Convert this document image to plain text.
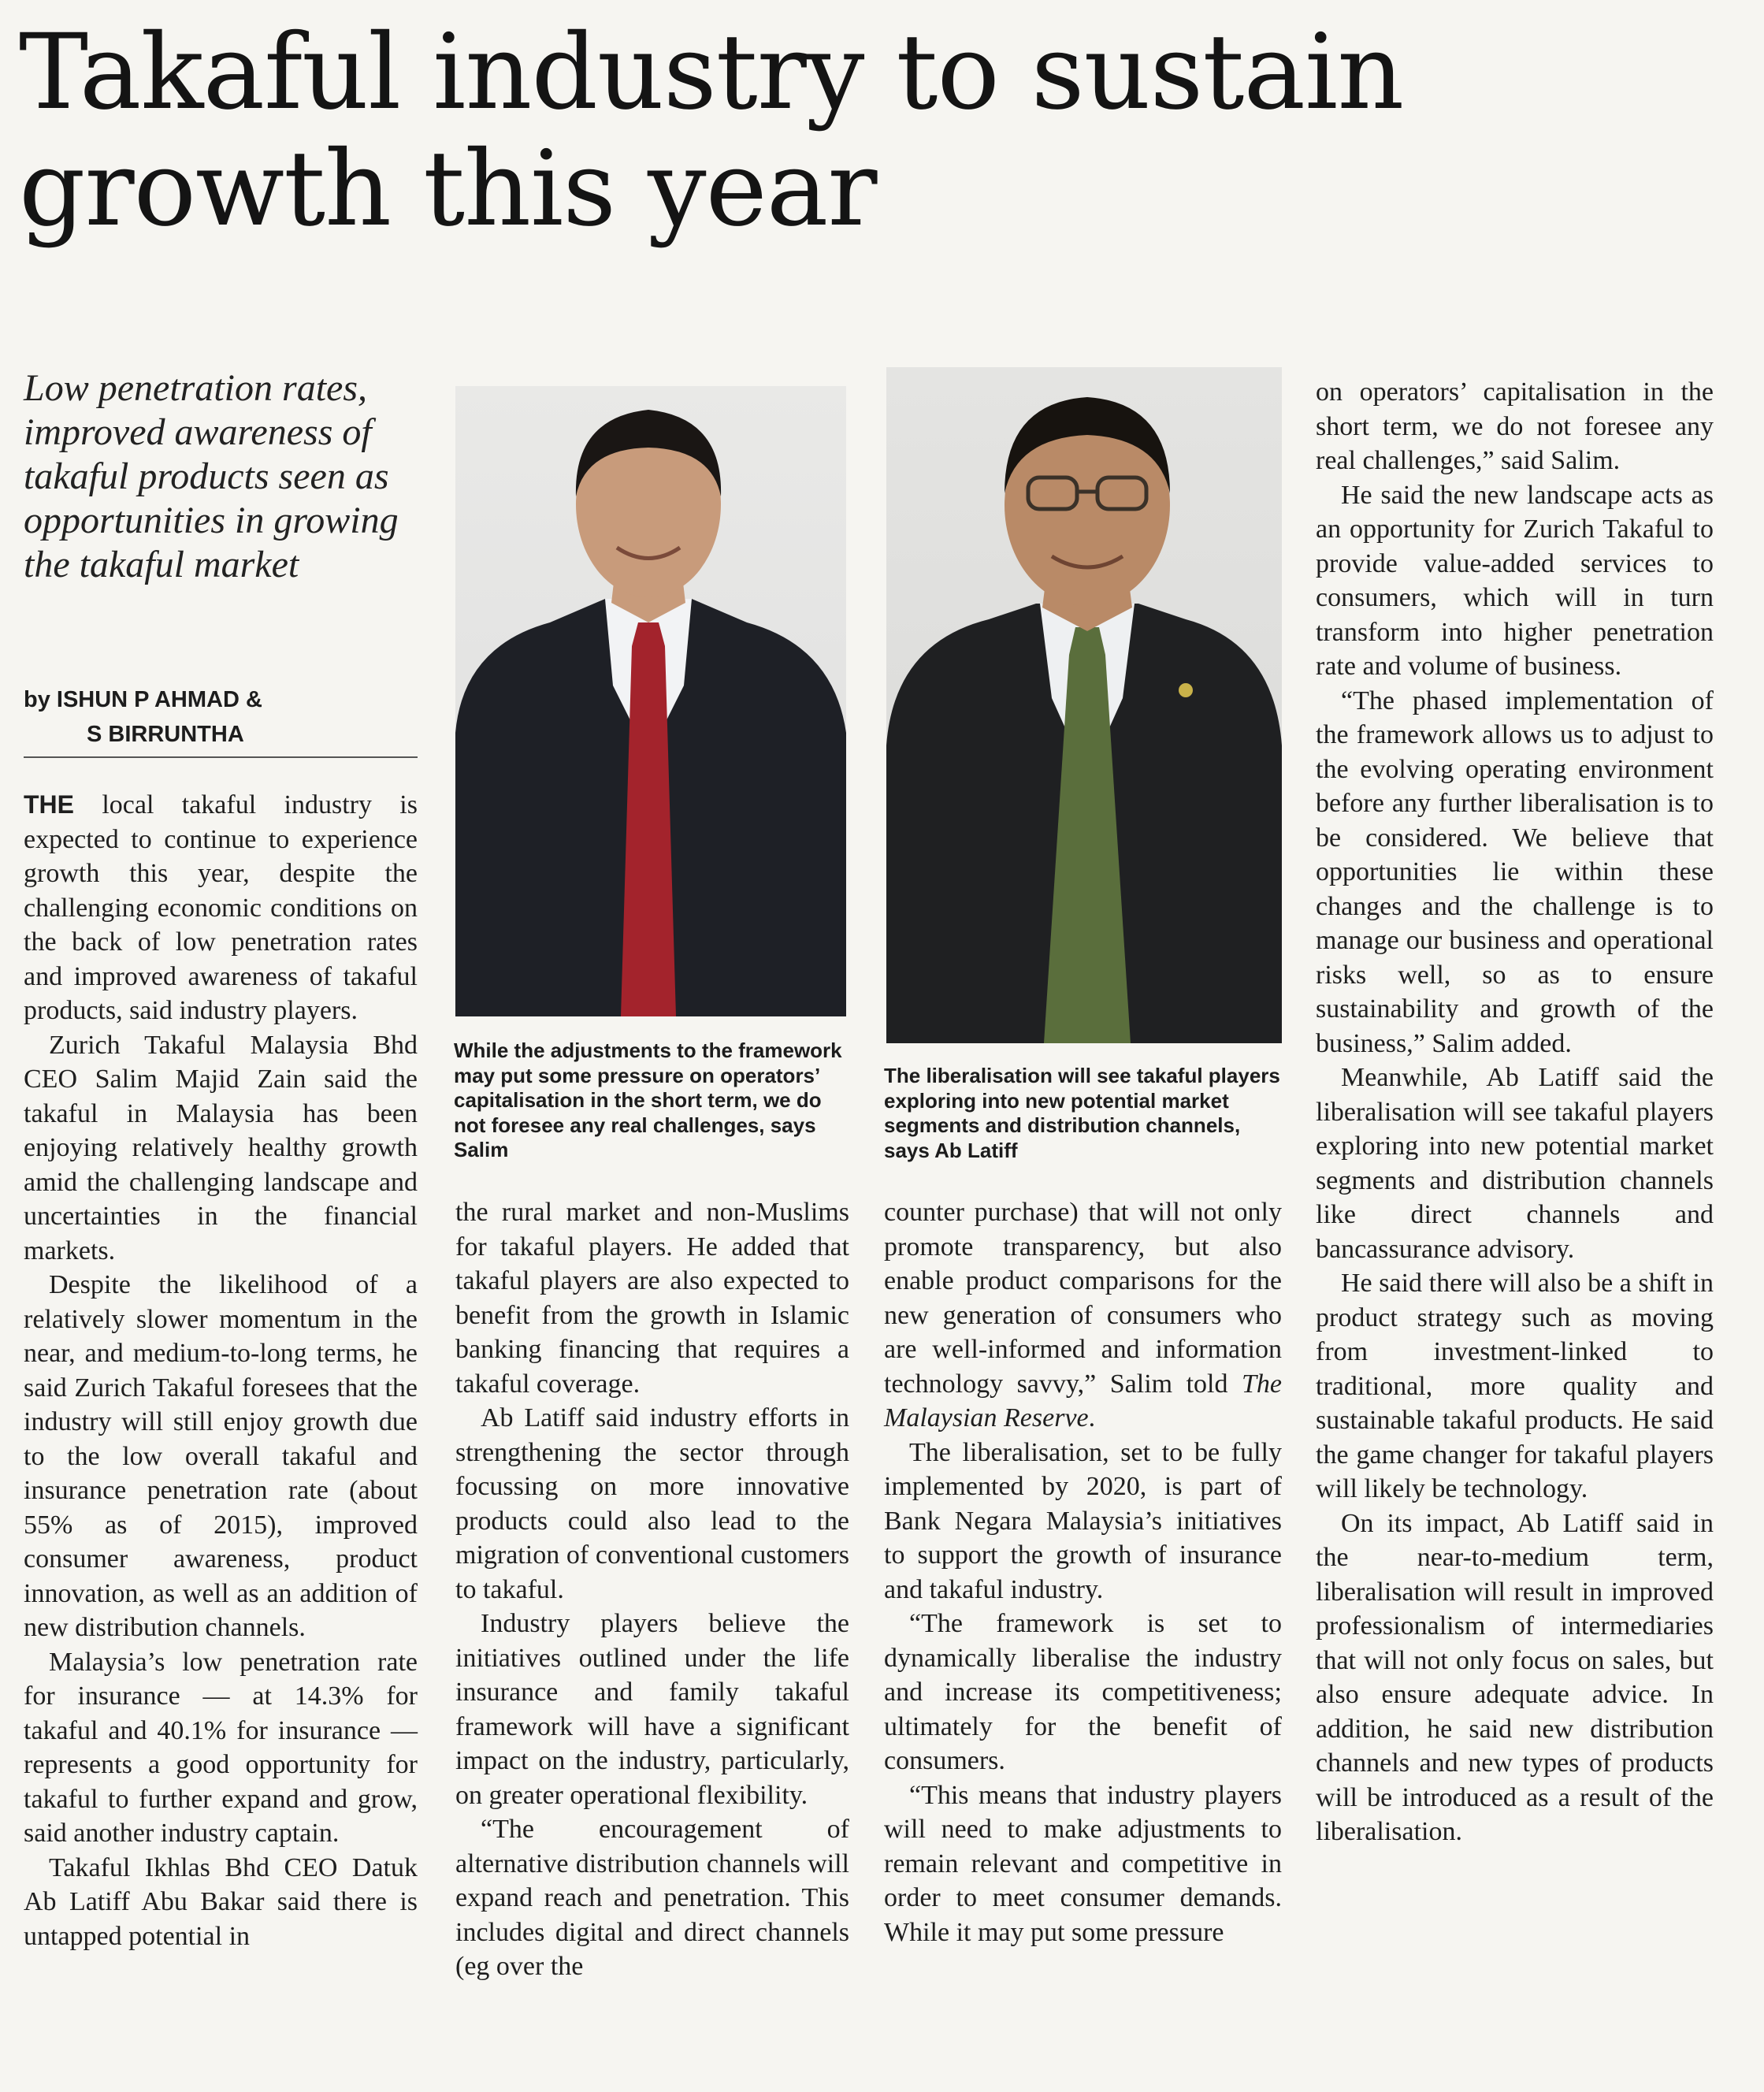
Takaful industry to sustain growth this year
Low penetration rates, improved awareness of takaful products seen as opportunities in growing the takaful market
by ISHUN P AHMAD &
S BIRRUNTHA

THE local takaful industry is expected to continue to experience growth this year, despite the challenging economic conditions on the back of low penetration rates and improved awareness of takaful products, said industry players.

Zurich Takaful Malaysia Bhd CEO Salim Majid Zain said the takaful in Malaysia has been enjoying relatively healthy growth amid the challenging landscape and uncertainties in the financial markets.

Despite the likelihood of a relatively slower momentum in the near, and medium-to-long terms, he said Zurich Takaful foresees that the industry will still enjoy growth due to the low overall takaful and insurance penetration rate (about 55% as of 2015), improved consumer awareness, product innovation, as well as an addition of new distribution channels.

Malaysia’s low penetration rate for insurance — at 14.3% for takaful and 40.1% for insurance — represents a good opportunity for takaful to further expand and grow, said another industry captain.

Takaful Ikhlas Bhd CEO Datuk Ab Latiff Abu Bakar said there is untapped potential in

While the adjustments to the framework may put some pressure on operators’ capitalisation in the short term, we do not foresee any real challenges, says Salim

the rural market and non-Muslims for takaful players. He added that takaful players are also expected to benefit from the growth in Islamic banking financing that requires a takaful coverage.

Ab Latiff said industry efforts in strengthening the sector through focussing on more innovative products could also lead to the migration of conventional customers to takaful.

Industry players believe the initiatives outlined under the life insurance and family takaful framework will have a significant impact on the industry, particularly, on greater operational flexibility.

“The encouragement of alternative distribution channels will expand reach and penetration. This includes digital and direct channels (eg over the

The liberalisation will see takaful players exploring into new potential market segments and distribution channels, says Ab Latiff

counter purchase) that will not only promote transparency, but also enable product comparisons for the new generation of consumers who are well-informed and information technology savvy,” Salim told The Malaysian Reserve.

The liberalisation, set to be fully implemented by 2020, is part of Bank Negara Malaysia’s initiatives to support the growth of insurance and takaful industry.

“The framework is set to dynamically liberalise the industry and increase its competitiveness; ultimately for the benefit of consumers.

“This means that industry players will need to make adjustments to remain relevant and competitive in order to meet consumer demands. While it may put some pressure

on operators’ capitalisation in the short term, we do not foresee any real challenges,” said Salim.

He said the new landscape acts as an opportunity for Zurich Takaful to provide value-added services to consumers, which will in turn transform into higher penetration rate and volume of business.

“The phased implementation of the framework allows us to adjust to the evolving operating environment before any further liberalisation is to be considered. We believe that opportunities lie within these changes and the challenge is to manage our business and operational risks well, so as to ensure sustainability and growth of the business,” Salim added.

Meanwhile, Ab Latiff said the liberalisation will see takaful players exploring into new potential market segments and distribution channels like direct channels and bancassurance advisory.

He said there will also be a shift in product strategy such as moving from investment-linked to traditional, more quality and sustainable takaful products. He said the game changer for takaful players will likely be technology.

On its impact, Ab Latiff said in the near-to-medium term, liberalisation will result in improved professionalism of intermediaries that will not only focus on sales, but also ensure adequate advice. In addition, he said new distribution channels and new types of products will be introduced as a result of the liberalisation.
